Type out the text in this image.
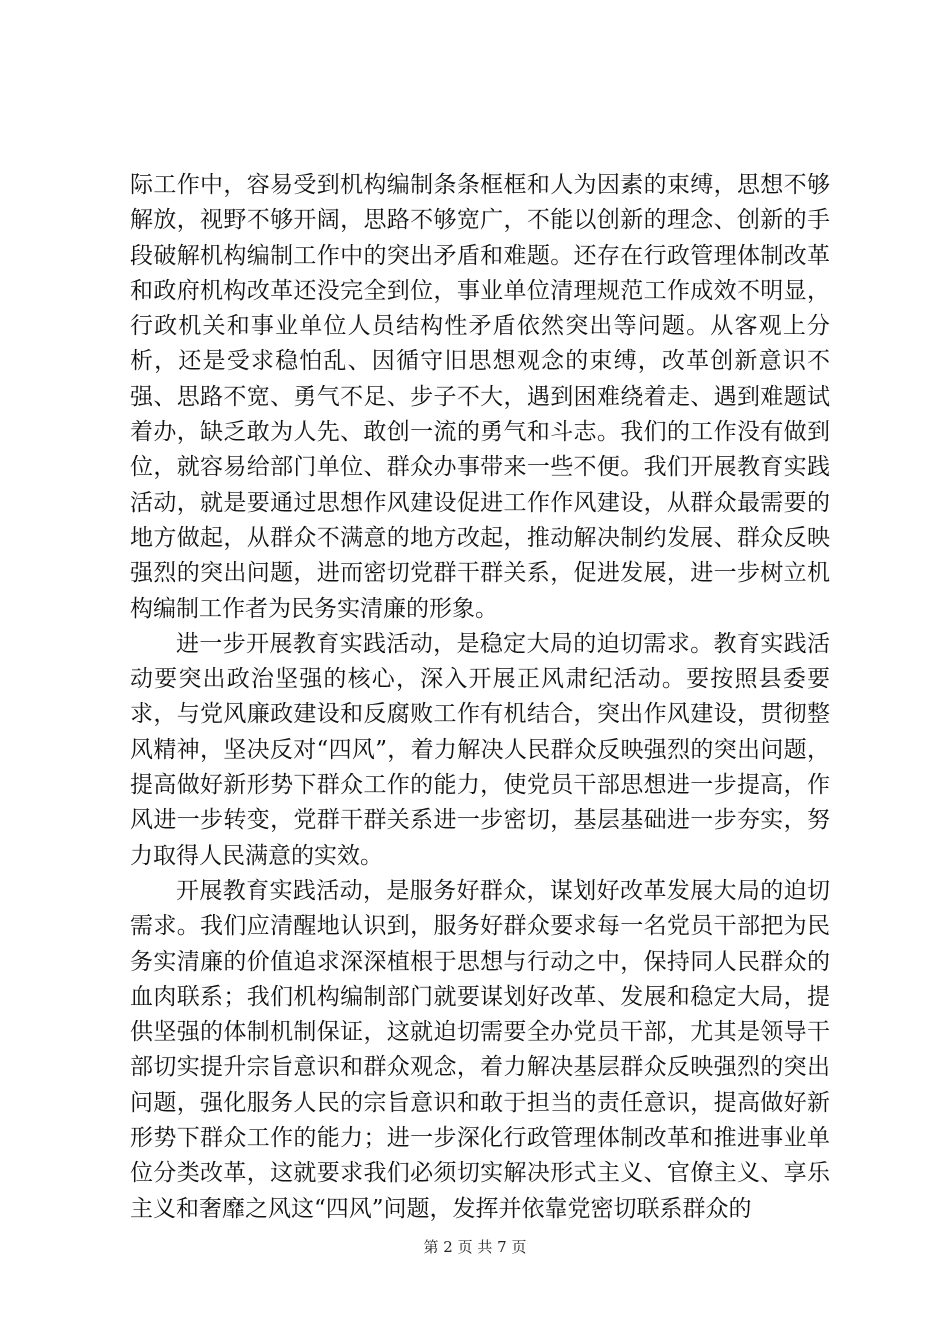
际工作中，容易受到机构编制条条框框和人为因素的束缚，思想不够解放，视野不够开阔，思路不够宽广，不能以创新的理念、创新的手段破解机构编制工作中的突出矛盾和难题。还存在行政管理体制改革和政府机构改革还没完全到位，事业单位清理规范工作成效不明显，行政机关和事业单位人员结构性矛盾依然突出等问题。从客观上分析，还是受求稳怕乱、因循守旧思想观念的束缚，改革创新意识不强、思路不宽、勇气不足、步子不大，遇到困难绕着走、遇到难题试着办，缺乏敢为人先、敢创一流的勇气和斗志。我们的工作没有做到位，就容易给部门单位、群众办事带来一些不便。我们开展教育实践活动，就是要通过思想作风建设促进工作作风建设，从群众最需要的地方做起，从群众不满意的地方改起，推动解决制约发展、群众反映强烈的突出问题，进而密切党群干群关系，促进发展，进一步树立机构编制工作者为民务实清廉的形象。

进一步开展教育实践活动，是稳定大局的迫切需求。教育实践活动要突出政治坚强的核心，深入开展正风肃纪活动。要按照县委要求，与党风廉政建设和反腐败工作有机结合，突出作风建设，贯彻整风精神，坚决反对“四风”，着力解决人民群众反映强烈的突出问题，提高做好新形势下群众工作的能力，使党员干部思想进一步提高，作风进一步转变，党群干群关系进一步密切，基层基础进一步夯实，努力取得人民满意的实效。

开展教育实践活动，是服务好群众，谋划好改革发展大局的迫切需求。我们应清醒地认识到，服务好群众要求每一名党员干部把为民务实清廉的价值追求深深植根于思想与行动之中，保持同人民群众的血肉联系；我们机构编制部门就要谋划好改革、发展和稳定大局，提供坚强的体制机制保证，这就迫切需要全办党员干部，尤其是领导干部切实提升宗旨意识和群众观念，着力解决基层群众反映强烈的突出问题，强化服务人民的宗旨意识和敢于担当的责任意识，提高做好新形势下群众工作的能力；进一步深化行政管理体制改革和推进事业单位分类改革，这就要求我们必须切实解决形式主义、官僚主义、享乐主义和奢靡之风这“四风”问题，发挥并依靠党密切联系群众的

第 2 页 共 7 页
